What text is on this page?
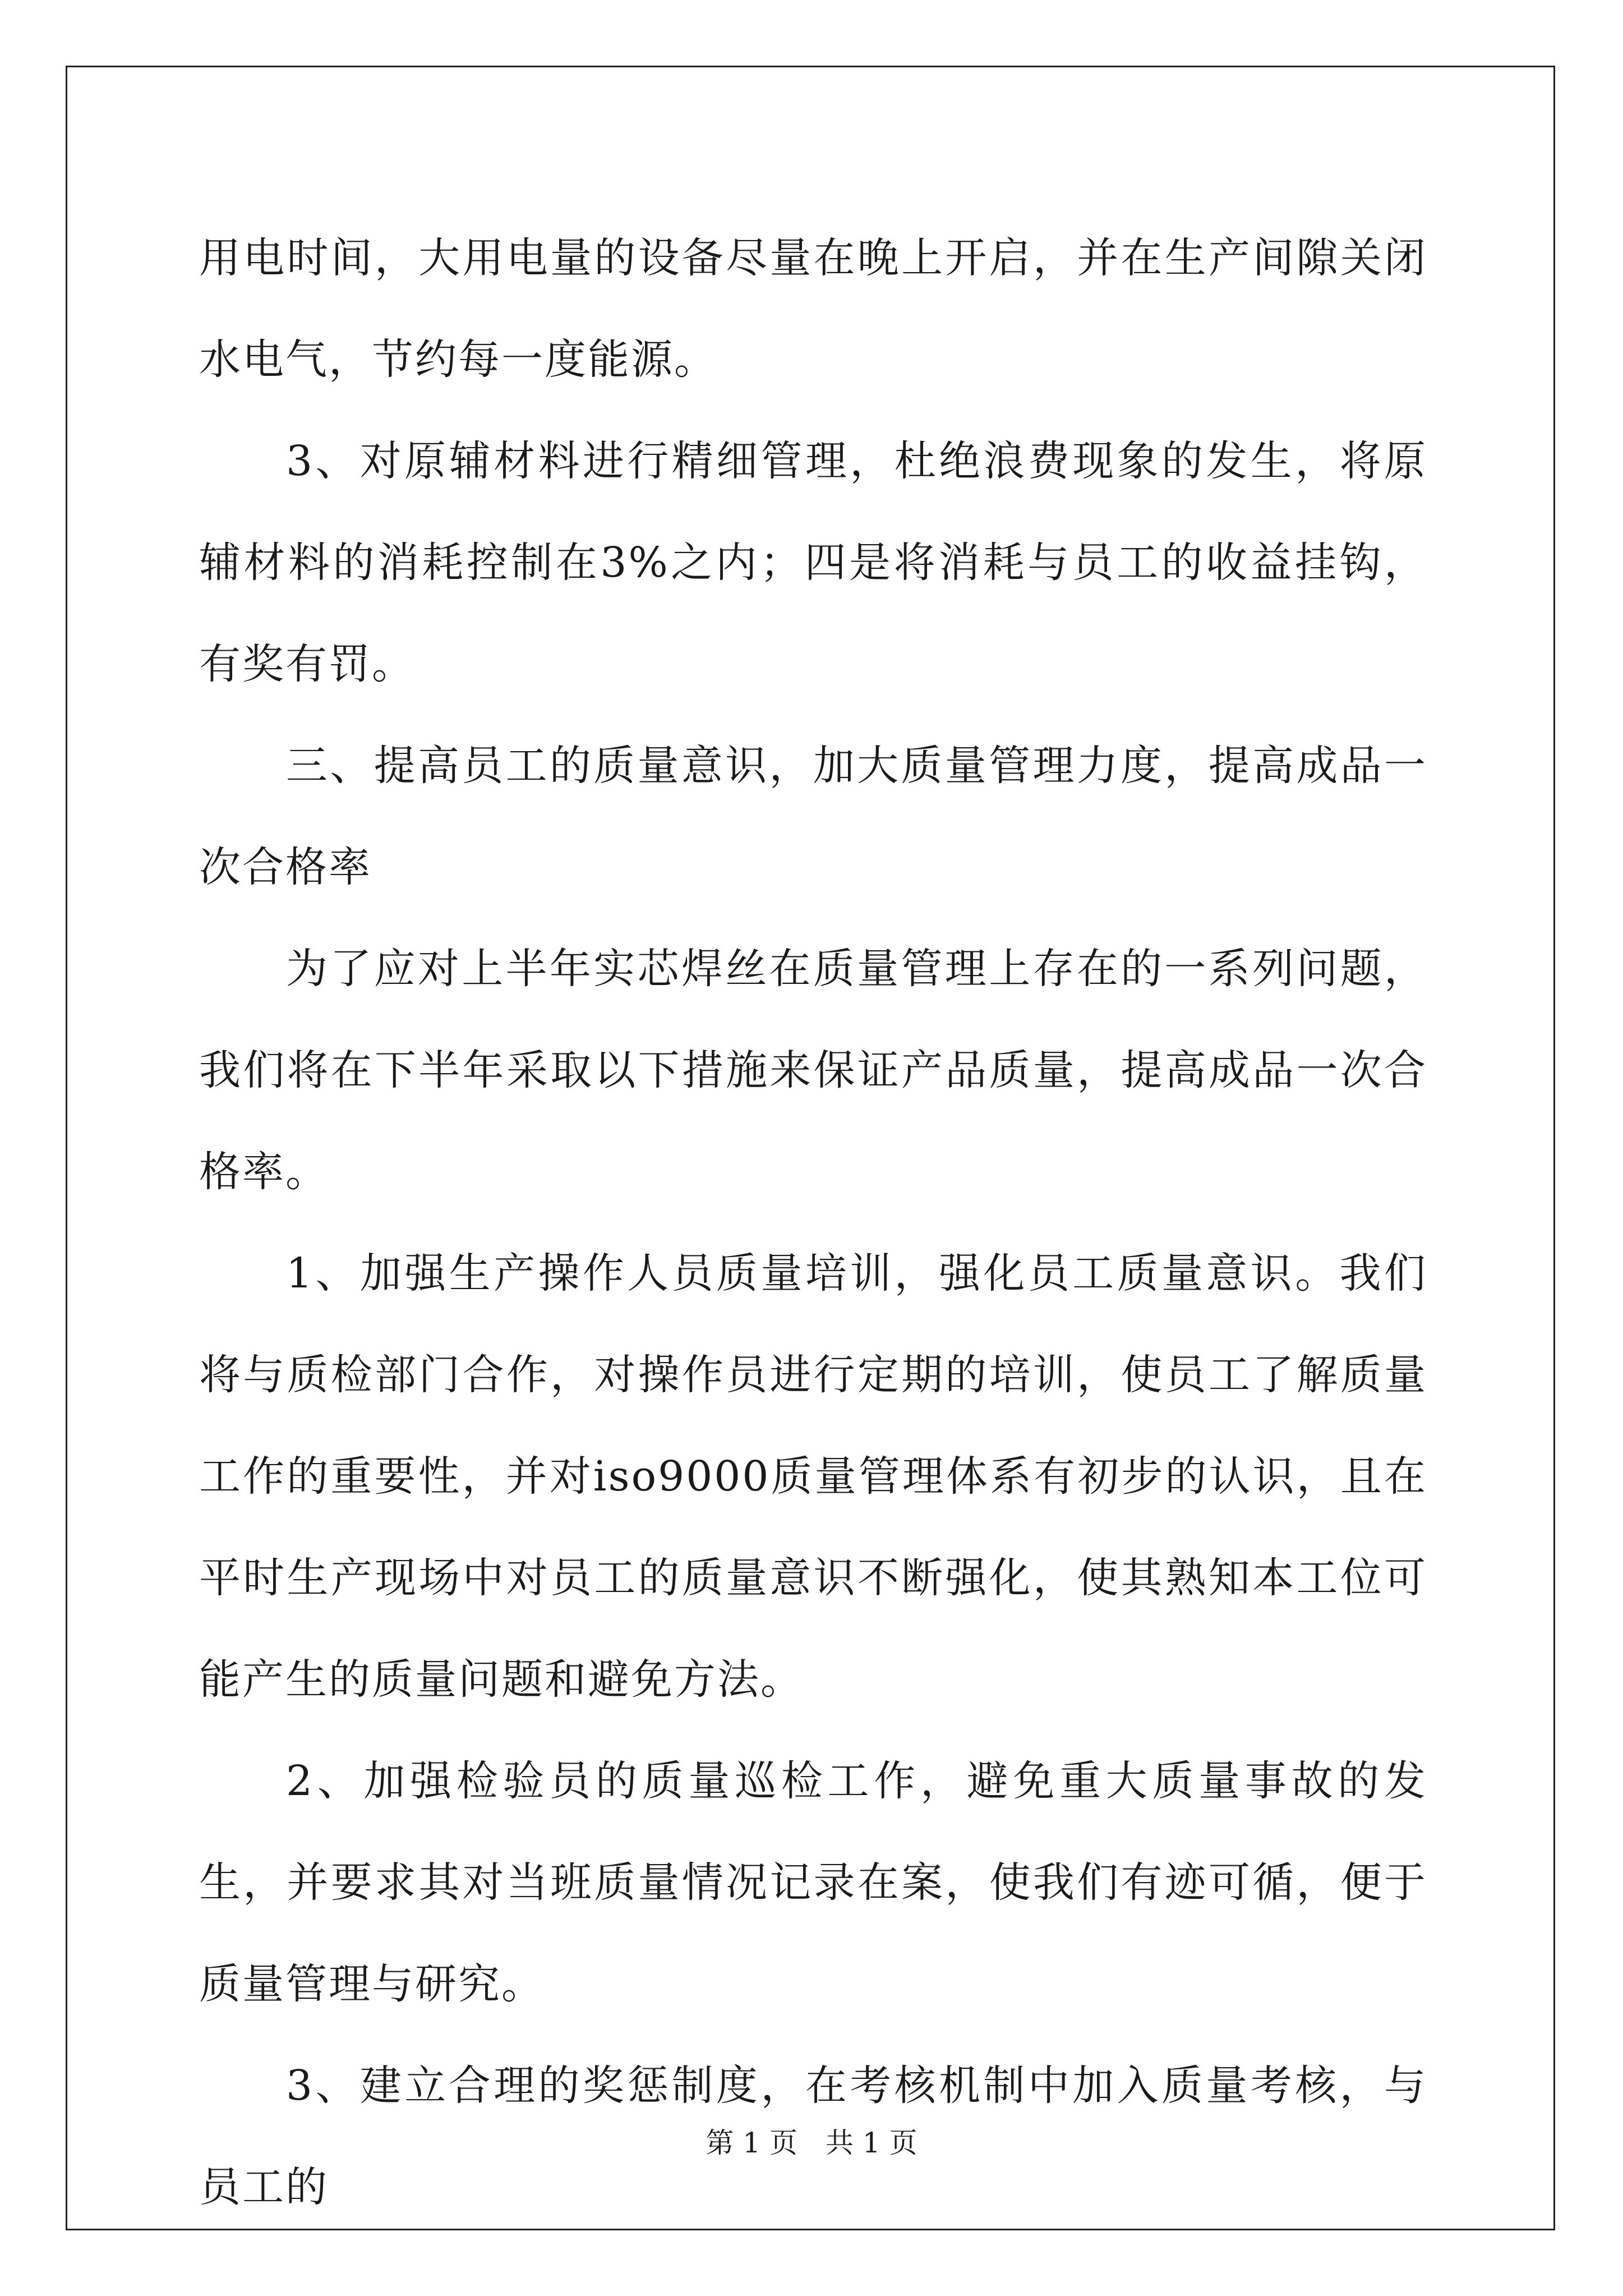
用电时间，大用电量的设备尽量在晚上开启，并在生产间隙关闭水电气，节约每一度能源。

3、对原辅材料进行精细管理，杜绝浪费现象的发生，将原辅材料的消耗控制在3%之内；四是将消耗与员工的收益挂钩，有奖有罚。

三、提高员工的质量意识，加大质量管理力度，提高成品一次合格率

为了应对上半年实芯焊丝在质量管理上存在的一系列问题，我们将在下半年采取以下措施来保证产品质量，提高成品一次合格率。

1、加强生产操作人员质量培训，强化员工质量意识。我们将与质检部门合作，对操作员进行定期的培训，使员工了解质量工作的重要性，并对iso9000质量管理体系有初步的认识，且在平时生产现场中对员工的质量意识不断强化，使其熟知本工位可能产生的质量问题和避免方法。

2、加强检验员的质量巡检工作，避免重大质量事故的发生，并要求其对当班质量情况记录在案，使我们有迹可循，便于质量管理与研究。

3、建立合理的奖惩制度，在考核机制中加入质量考核，与员工的

第 1 页 共 1 页
